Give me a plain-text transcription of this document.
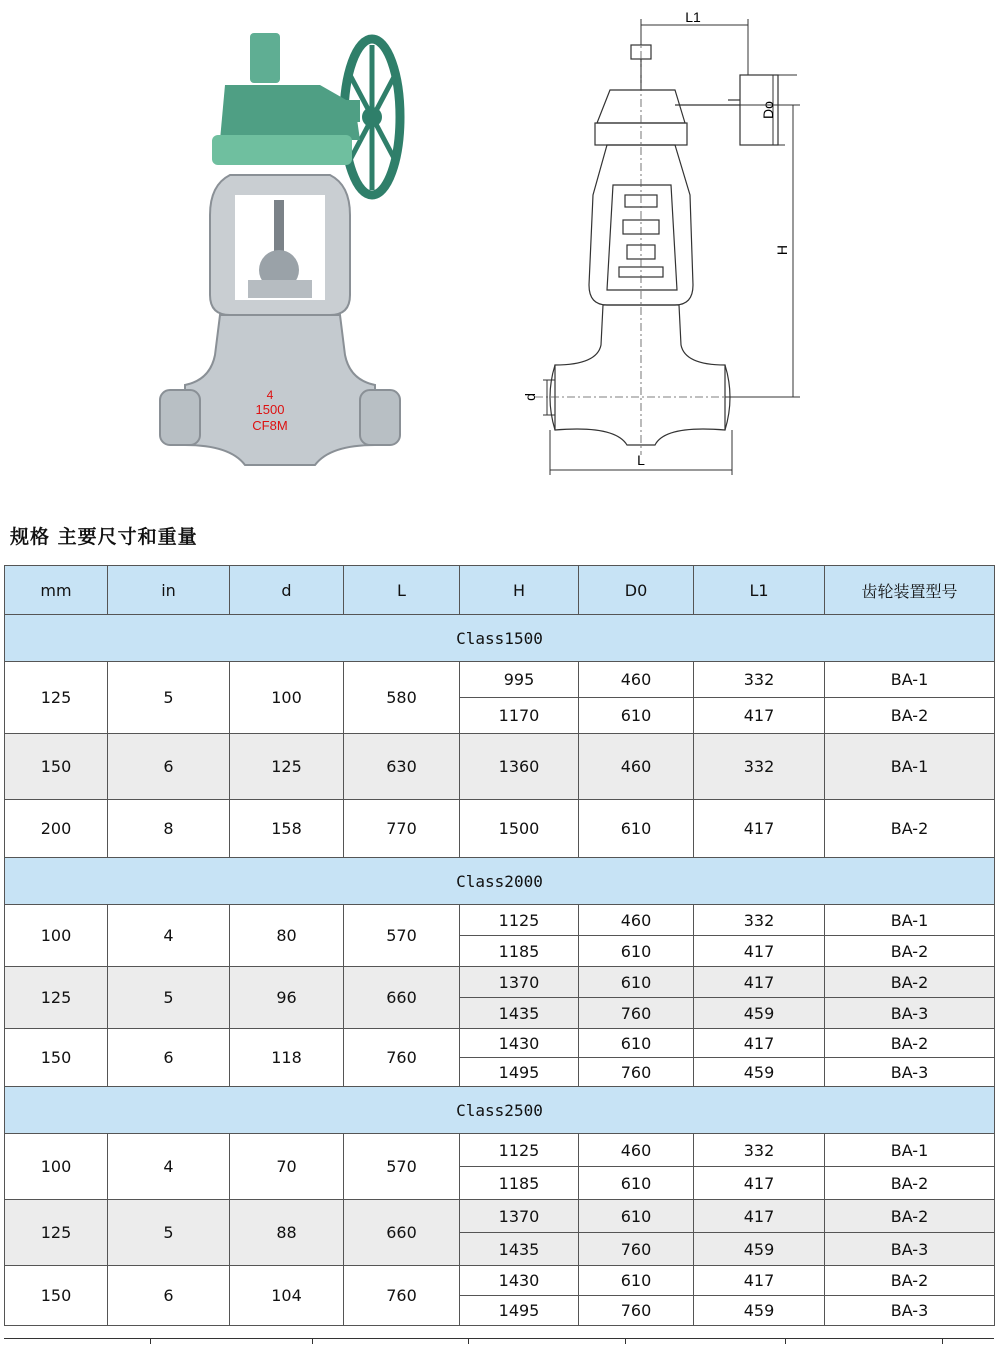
4
1500
CF8M
L1
Do
H
d
L
规格 主要尺寸和重量
mm	in	d	L	H	D0	L1	齿轮装置型号
Class1500							
125	5	100	580	995	460	332	BA-1
				1170	610	417	BA-2
150	6	125	630	1360	460	332	BA-1
200	8	158	770	1500	610	417	BA-2
Class2000							
100	4	80	570	1125	460	332	BA-1
				1185	610	417	BA-2
125	5	96	660	1370	610	417	BA-2
				1435	760	459	BA-3
150	6	118	760	1430	610	417	BA-2
				1495	760	459	BA-3
Class2500							
100	4	70	570	1125	460	332	BA-1
				1185	610	417	BA-2
125	5	88	660	1370	610	417	BA-2
				1435	760	459	BA-3
150	6	104	760	1430	610	417	BA-2
				1495	760	459	BA-3
